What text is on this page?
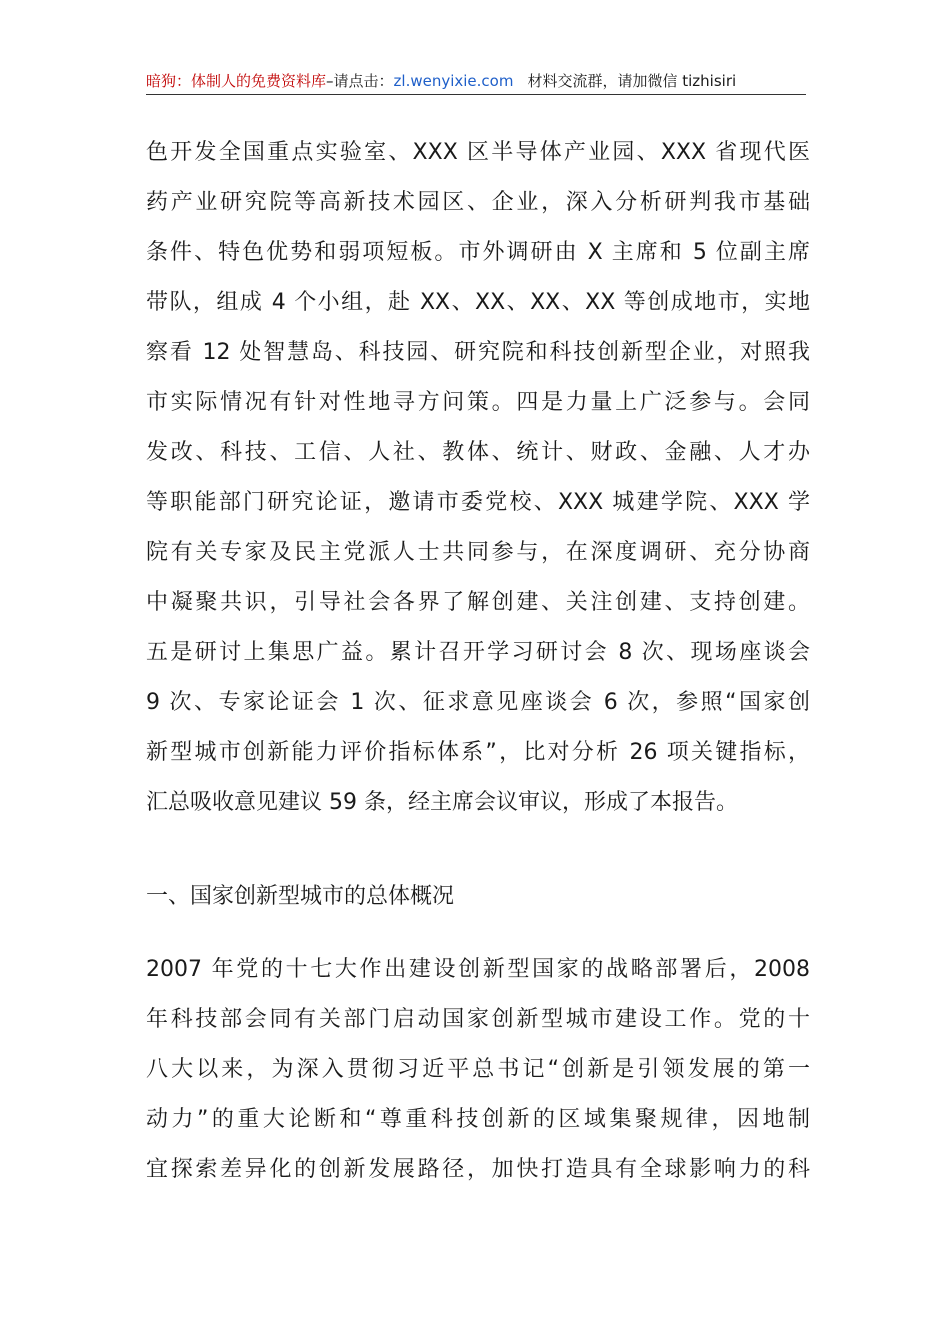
暗狗：体制人的免费资料库–请点击：zl.wenyixie.com 材料交流群，请加微信 tizhisiri
色开发全国重点实验室、XXX 区半导体产业园、XXX 省现代医
药产业研究院等高新技术园区、企业，深入分析研判我市基础
条件、特色优势和弱项短板。市外调研由 X 主席和 5 位副主席
带队，组成 4 个小组，赴 XX、XX、XX、XX 等创成地市，实地
察看 12 处智慧岛、科技园、研究院和科技创新型企业，对照我
市实际情况有针对性地寻方问策。四是力量上广泛参与。会同
发改、科技、工信、人社、教体、统计、财政、金融、人才办
等职能部门研究论证，邀请市委党校、XXX 城建学院、XXX 学
院有关专家及民主党派人士共同参与，在深度调研、充分协商
中凝聚共识，引导社会各界了解创建、关注创建、支持创建。
五是研讨上集思广益。累计召开学习研讨会 8 次、现场座谈会
9 次、专家论证会 1 次、征求意见座谈会 6 次，参照“国家创
新型城市创新能力评价指标体系”，比对分析 26 项关键指标，
汇总吸收意见建议 59 条，经主席会议审议，形成了本报告。
一、国家创新型城市的总体概况
2007 年党的十七大作出建设创新型国家的战略部署后，2008
年科技部会同有关部门启动国家创新型城市建设工作。党的十
八大以来，为深入贯彻习近平总书记“创新是引领发展的第一
动力”的重大论断和“尊重科技创新的区域集聚规律，因地制
宜探索差异化的创新发展路径，加快打造具有全球影响力的科
